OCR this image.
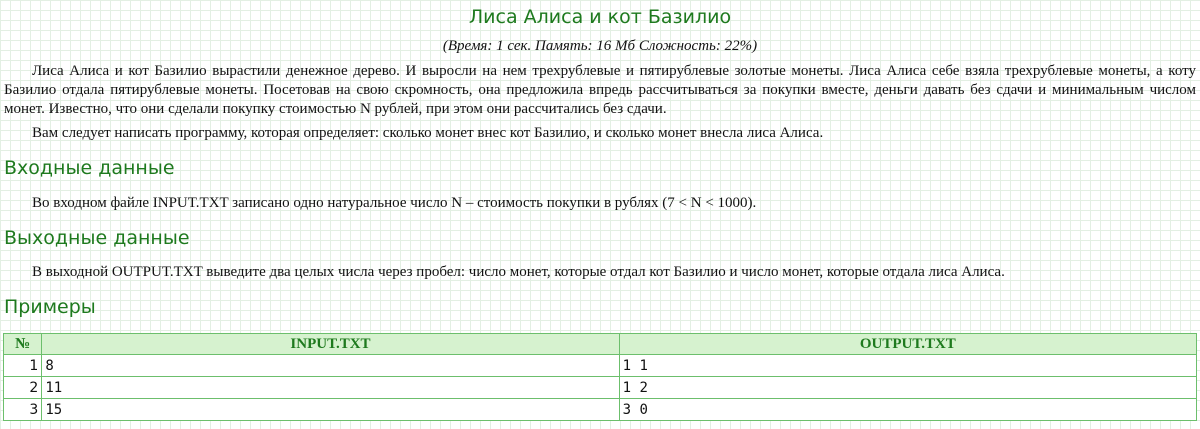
Лиса Алиса и кот Базилио

(Время: 1 сек. Память: 16 Мб Сложность: 22%)

Лиса Алиса и кот Базилио вырастили денежное дерево. И выросли на нем трехрублевые и пятирублевые золотые монеты. Лиса Алиса себе взяла трехрублевые монеты, а коту Базилио отдала пятирублевые монеты. Посетовав на свою скромность, она предложила впредь рассчитываться за покупки вместе, деньги давать без сдачи и минимальным числом монет. Известно, что они сделали покупку стоимостью N рублей, при этом они рассчитались без сдачи.

Вам следует написать программу, которая определяет: сколько монет внес кот Базилио, и сколько монет внесла лиса Алиса.

Входные данные

Во входном файле INPUT.TXT записано одно натуральное число N – стоимость покупки в рублях (7 < N < 1000).

Выходные данные

В выходной OUTPUT.TXT выведите два целых числа через пробел: число монет, которые отдал кот Базилио и число монет, которые отдала лиса Алиса.

Примеры
№	INPUT.TXT	OUTPUT.TXT
1	8	1 1
2	11	1 2
3	15	3 0
